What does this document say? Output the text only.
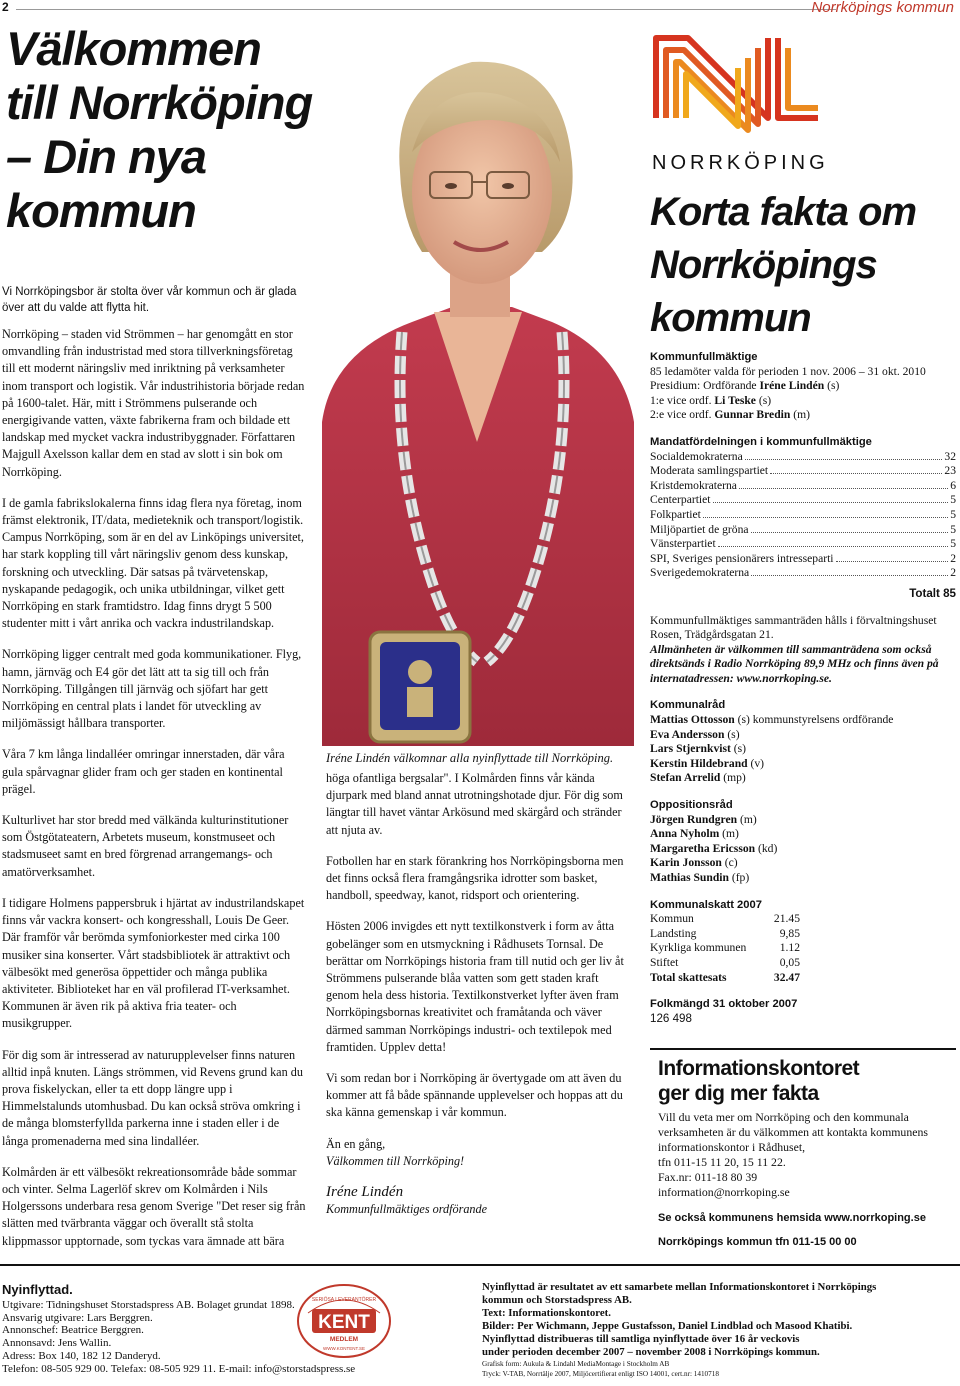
2	Norrköpings kommun
Välkommen
till Norrköping
– Din nya
kommun

Vi Norrköpingsbor är stolta över vår kommun och är glada över att du valde att flytta hit.

Norrköping – staden vid Strömmen – har genomgått en stor omvandling från industristad med stora tillverkningsföretag till ett modernt näringsliv med inriktning på verksamheter inom transport och logistik. Vår industrihistoria började redan på 1600-talet. Här, mitt i Strömmens pulserande och energigivande vatten, växte fabrikerna fram och bildade ett landskap med mycket vackra industribyggnader. Författaren Majgull Axelsson kallar dem en stad av slott i sin bok om Norrköping.

I de gamla fabrikslokalerna finns idag flera nya företag, inom främst elektronik, IT/data, medieteknik och transport/logistik. Campus Norrköping, som är en del av Linköpings universitet, har stark koppling till vårt näringsliv genom dess kunskap, forskning och utveckling. Där satsas på tvärvetenskap, nyskapande pedagogik, och unika utbildningar, vilket gett Norrköping en stark framtidstro. Idag finns drygt 5 500 studenter mitt i vårt anrika och vackra industrilandskap.

Norrköping ligger centralt med goda kommunikationer. Flyg, hamn, järnväg och E4 gör det lätt att ta sig till och från Norrköping. Tillgången till järnväg och sjöfart har gett Norrköping en central plats i landet för utveckling av miljömässigt hållbara transporter.

Våra 7 km långa lindalléer omringar innerstaden, där våra gula spårvagnar glider fram och ger staden en kontinental prägel.

Kulturlivet har stor bredd med välkända kulturinstitutioner som Östgötateatern, Arbetets museum, konstmuseet och stadsmuseet samt en bred förgrenad arrangemangs- och amatörverksamhet.

I tidigare Holmens pappersbruk i hjärtat av industrilandskapet finns vår vackra konsert- och kongresshall, Louis De Geer. Där framför vår berömda symfoniorkester med cirka 100 musiker sina konserter. Vårt stadsbibliotek är attraktivt och välbesökt med generösa öppettider och många publika aktiviteter. Biblioteket har en väl profilerad IT-verksamhet. Kommunen är även rik på aktiva fria teater- och musikgrupper.

För dig som är intresserad av naturupplevelser finns naturen alltid inpå knuten. Längs strömmen, vid Revens grund kan du prova fiskelyckan, eller ta ett dopp längre upp i Himmelstalunds utomhusbad. Du kan också ströva omkring i de många blomsterfyllda parkerna inne i staden eller i de långa promenaderna med sina lindalléer.

Kolmården är ett välbesökt rekreationsområde både sommar och vinter. Selma Lagerlöf skrev om Kolmården i Nils Holgerssons underbara resa genom Sverige "Det reser sig från slätten med tvärbranta väggar och överallt stå stolta klippmassor upptornade, som tyckas vara ämnade att bära

Iréne Lindén välkomnar alla nyinflyttade till Norrköping.

höga ofantliga bergsalar". I Kolmården finns vår kända djurpark med bland annat utrotningshotade djur. För dig som längtar till havet väntar Arkösund med skärgård och stränder att njuta av.

Fotbollen har en stark förankring hos Norrköpingsborna men det finns också flera framgångsrika idrotter som basket, handboll, speedway, kanot, ridsport och orientering.

Hösten 2006 invigdes ett nytt textilkonstverk i form av åtta gobelänger som en utsmyckning i Rådhusets Tornsal. De berättar om Norrköpings historia fram till nutid och ger liv åt Strömmens pulserande blåa vatten som gett staden kraft genom hela dess historia. Textilkonstverket lyfter även fram Norrköpingsbornas kreativitet och framåtanda och väver därmed samman Norrköpings industri- och textilepok med framtiden. Upplev detta!

Vi som redan bor i Norrköping är övertygade om att även du kommer att få både spännande upplevelser och hoppas att du ska känna gemenskap i vår kommun.

Än en gång,

Välkommen till Norrköping!

Iréne Lindén
Kommunfullmäktiges ordförande
NORRKÖPING
Korta fakta om
Norrköpings
kommun
Kommunfullmäktige

85 ledamöter valda för perioden 1 nov. 2006 – 31 okt. 2010

Presidium: Ordförande Iréne Lindén (s)

1:e vice ordf. Li Teske (s)

2:e vice ordf. Gunnar Bredin (m)

Mandatfördelningen i kommunfullmäktige
Socialdemokraterna	32
Moderata samlingspartiet	23
Kristdemokraterna	6
Centerpartiet	5
Folkpartiet	5
Miljöpartiet de gröna	5
Vänsterpartiet	5
SPI, Sveriges pensionärers intresseparti	2
Sverigedemokraterna	2
Totalt 85

Kommunfullmäktiges sammanträden hålls i förvaltningshuset Rosen, Trädgårdsgatan 21.

Allmänheten är välkommen till sammanträdena som också direktsänds i Radio Norrköping 89,9 MHz och finns även på internatadressen: www.norrkoping.se.

Kommunalråd

Mattias Ottosson (s) kommunstyrelsens ordförande

Eva Andersson (s)

Lars Stjernkvist (s)

Kerstin Hildebrand (v)

Stefan Arrelid (mp)

Oppositionsråd

Jörgen Rundgren (m)

Anna Nyholm (m)

Margaretha Ericsson (kd)

Karin Jonsson (c)

Mathias Sundin (fp)

Kommunalskatt 2007
Kommun	21.45
Landsting	9,85
Kyrkliga kommunen	1.12
Stiftet	0,05
Total skattesats	32.47
Folkmängd 31 oktober 2007

126 498

Informationskontoret
ger dig mer fakta
Vill du veta mer om Norrköping och den kommunala
verksamheten är du välkommen att kontakta kommunens
informationskontor i Rådhuset,
tfn 011-15 11 20, 15 11 22.
Fax.nr: 011-18 80 39
information@norrkoping.se
Se också kommunens hemsida www.norrkoping.se
Norrköpings kommun tfn 011-15 00 00
Nyinflyttad.
Utgivare: Tidningshuset Storstadspress AB. Bolaget grundat 1898.
Ansvarig utgivare: Lars Berggren.
Annonschef: Beatrice Berggren.
Annonsavd: Jens Wallin.
Adress: Box 140, 182 12 Danderyd.
Telefon: 08-505 929 00. Telefax: 08-505 929 11. E-mail: info@storstadspress.se
SERIÖSA LEVERANTÖRER
KENT
MEDLEM
WWW.KONTENT.SE
Nyinflyttad är resultatet av ett samarbete mellan Informationskontoret i Norrköpings
kommun och Storstadspress AB.
Text: Informationskontoret.
Bilder: Per Wichmann, Jeppe Gustafsson, Daniel Lindblad och Masood Khatibi.
Nyinflyttad distribueras till samtliga nyinflyttade över 16 år veckovis
under perioden december 2007 – november 2008 i Norrköpings kommun.
Grafisk form: Aukula & Lindahl MediaMontage i Stockholm AB
Tryck: V-TAB, Norrtälje 2007, Miljöcertifierat enligt ISO 14001, cert.nr: 1410718
